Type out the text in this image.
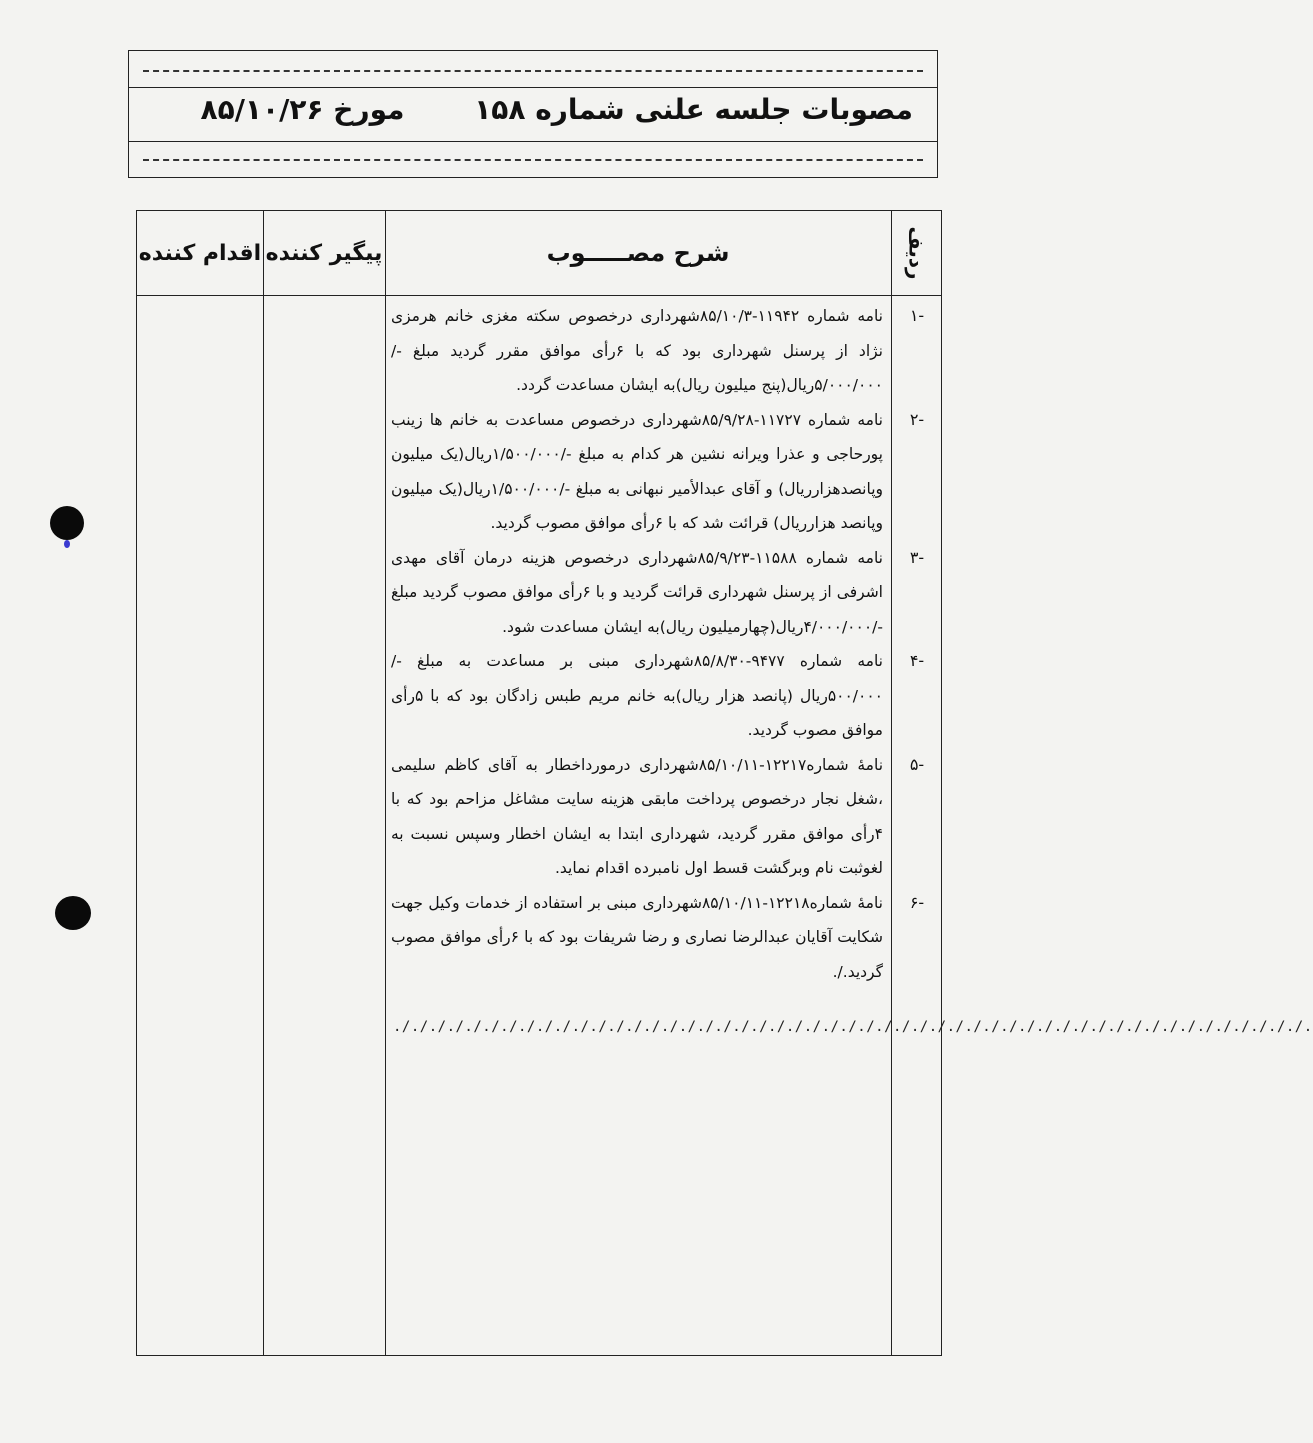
مصوبات جلسه علنی شماره ۱۵۸ مورخ ۸۵/۱۰/۲۶
ردیف
شرح مصـــــوب
پیگیر کننده
اقدام کننده
-۱
نامه شماره ۱۱۹۴۲-۸۵/۱۰/۳شهرداری درخصوص سکته مغزی خانم هرمزی نژاد از پرسنل شهرداری بود که با ۶رأی موافق مقرر گردید مبلغ -/۵/۰۰۰/۰۰۰ریال(پنج میلیون ریال)به ایشان مساعدت گردد.
-۲
نامه شماره ۱۱۷۲۷-۸۵/۹/۲۸شهرداری درخصوص مساعدت به خانم ها زینب پورحاجی و عذرا ویرانه نشین هر کدام به مبلغ -/۱/۵۰۰/۰۰۰ریال(یک میلیون وپانصدهزارریال) و آقای عبدالأمیر نبهانی به مبلغ -/۱/۵۰۰/۰۰۰ریال(یک میلیون وپانصد هزارریال) قرائت شد که با ۶رأی موافق مصوب گردید.
-۳
نامه شماره ۱۱۵۸۸-۸۵/۹/۲۳شهرداری درخصوص هزینه درمان آقای مهدی اشرفی از پرسنل شهرداری قرائت گردید و با ۶رأی موافق مصوب گردید مبلغ -/۴/۰۰۰/۰۰۰ریال(چهارمیلیون ریال)به ایشان مساعدت شود.
-۴
نامه شماره ۹۴۷۷-۸۵/۸/۳۰شهرداری مبنی بر مساعدت به مبلغ -/۵۰۰/۰۰۰ریال (پانصد هزار ریال)به خانم مریم طبس زادگان بود که با ۵رأی موافق مصوب گردید.
-۵
نامهٔ شماره۱۲۲۱۷-۸۵/۱۰/۱۱شهرداری درمورداخطار به آقای کاظم سلیمی ،شغل نجار درخصوص پرداخت مابقی هزینه سایت مشاغل مزاحم بود که با ۴رأی موافق مقرر گردید، شهرداری ابتدا به ایشان اخطار وسپس نسبت به لغوثبت نام وبرگشت قسط اول نامبرده اقدام نماید.
-۶
نامهٔ شماره۱۲۲۱۸-۸۵/۱۰/۱۱شهرداری مبنی بر استفاده از خدمات وکیل جهت شکایت آقایان عبدالرضا نصاری و رضا شریفات بود که با ۶رأی موافق مصوب گردید./.
./././././././././././././././././././././././././././././././././././././././././././././././././././.
